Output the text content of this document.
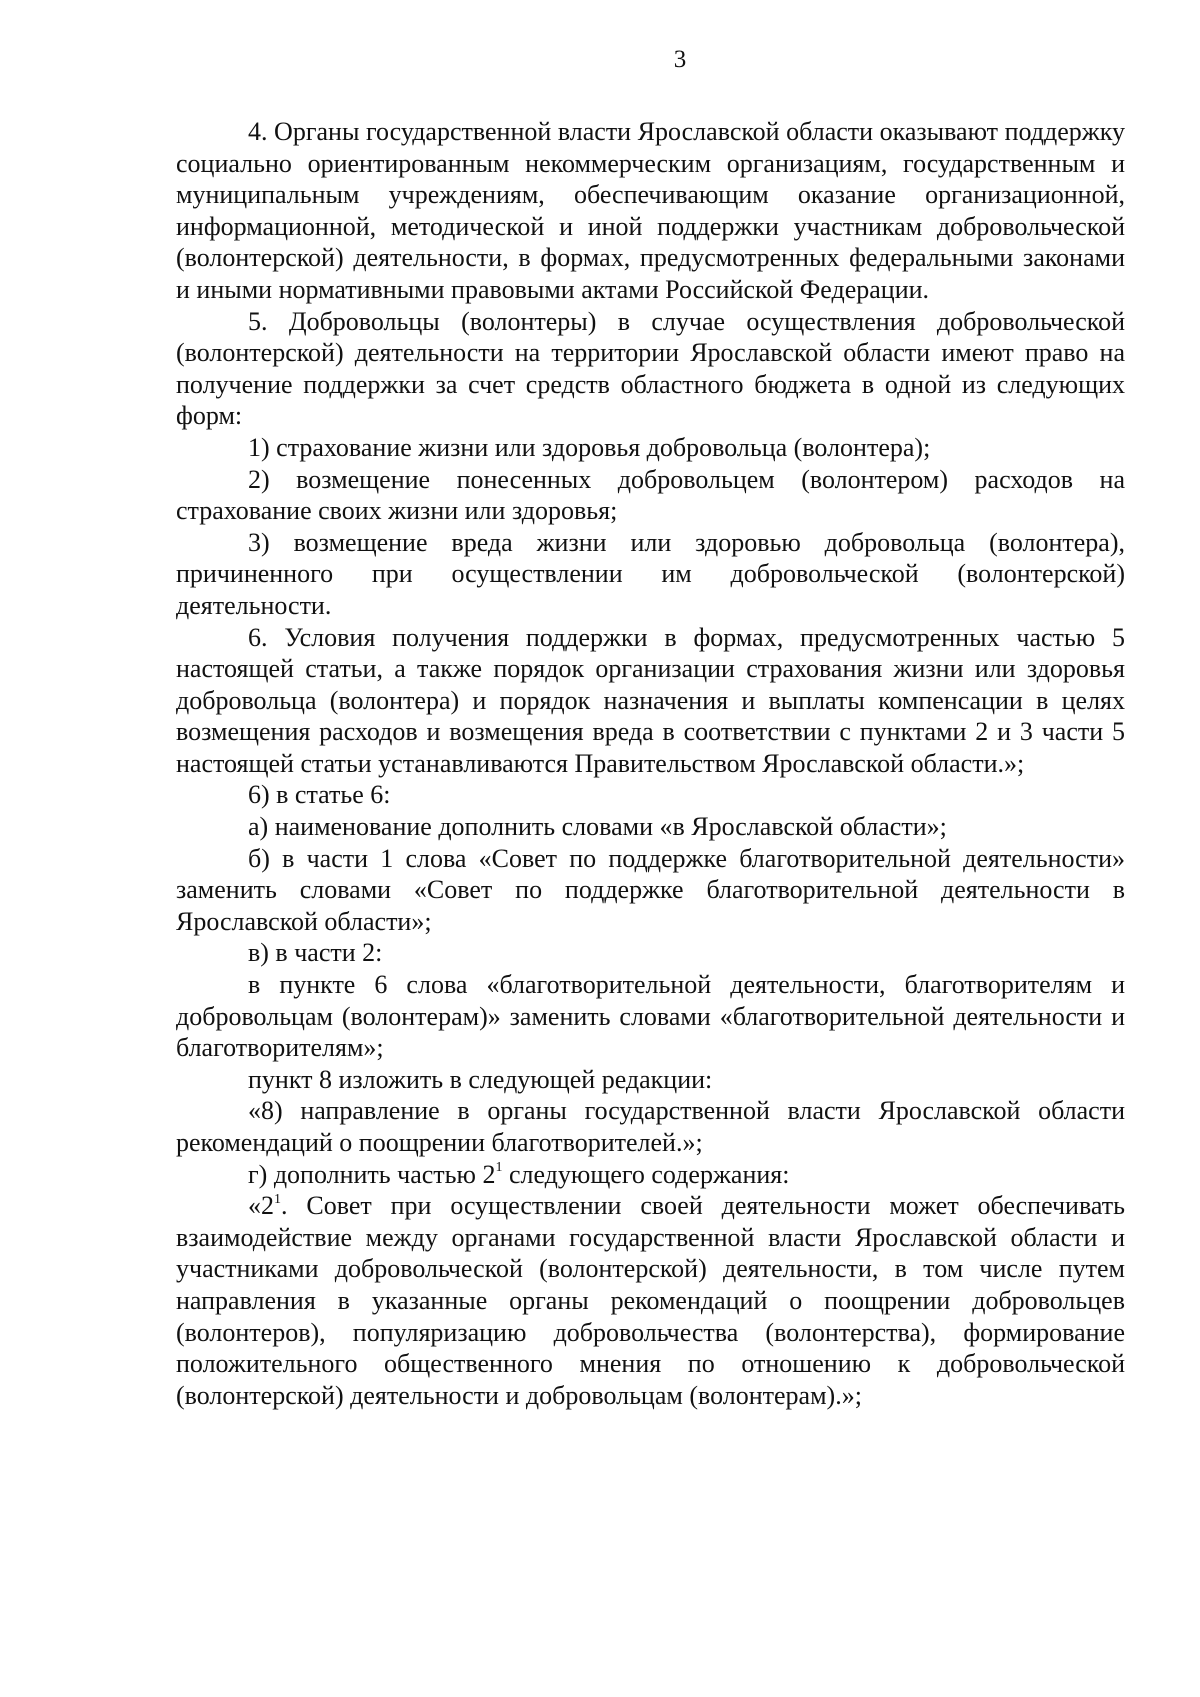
3

4. Органы государственной власти Ярославской области оказывают поддержку социально ориентированным некоммерческим организациям, государственным и муниципальным учреждениям, обеспечивающим оказание организационной, информационной, методической и иной поддержки участникам добровольческой (волонтерской) деятельности, в формах, предусмотренных федеральными законами и иными нормативными правовыми актами Российской Федерации.

5. Добровольцы (волонтеры) в случае осуществления добровольческой (волонтерской) деятельности на территории Ярославской области имеют право на получение поддержки за счет средств областного бюджета в одной из следующих форм:

1) страхование жизни или здоровья добровольца (волонтера);

2) возмещение понесенных добровольцем (волонтером) расходов на страхование своих жизни или здоровья;

3) возмещение вреда жизни или здоровью добровольца (волонтера), причиненного при осуществлении им добровольческой (волонтерской) деятельности.

6. Условия получения поддержки в формах, предусмотренных частью 5 настоящей статьи, а также порядок организации страхования жизни или здоровья добровольца (волонтера) и порядок назначения и выплаты компенсации в целях возмещения расходов и возмещения вреда в соответствии с пунктами 2 и 3 части 5 настоящей статьи устанавливаются Правительством Ярославской области.»;

6) в статье 6:

а) наименование дополнить словами «в Ярославской области»;

б) в части 1 слова «Совет по поддержке благотворительной деятельности» заменить словами «Совет по поддержке благотворительной деятельности в Ярославской области»;

в) в части 2:

в пункте 6 слова «благотворительной деятельности, благотворителям и добровольцам (волонтерам)» заменить словами «благотворительной деятельности и благотворителям»;

пункт 8 изложить в следующей редакции:

«8) направление в органы государственной власти Ярославской области рекомендаций о поощрении благотворителей.»;

г) дополнить частью $2^1$ следующего содержания:

«$2^1$. Совет при осуществлении своей деятельности может обеспечивать взаимодействие между органами государственной власти Ярославской области и участниками добровольческой (волонтерской) деятельности, в том числе путем направления в указанные органы рекомендаций о поощрении добровольцев (волонтеров), популяризацию добровольчества (волонтерства), формирование положительного общественного мнения по отношению к добровольческой (волонтерской) деятельности и добровольцам (волонтерам).»;
